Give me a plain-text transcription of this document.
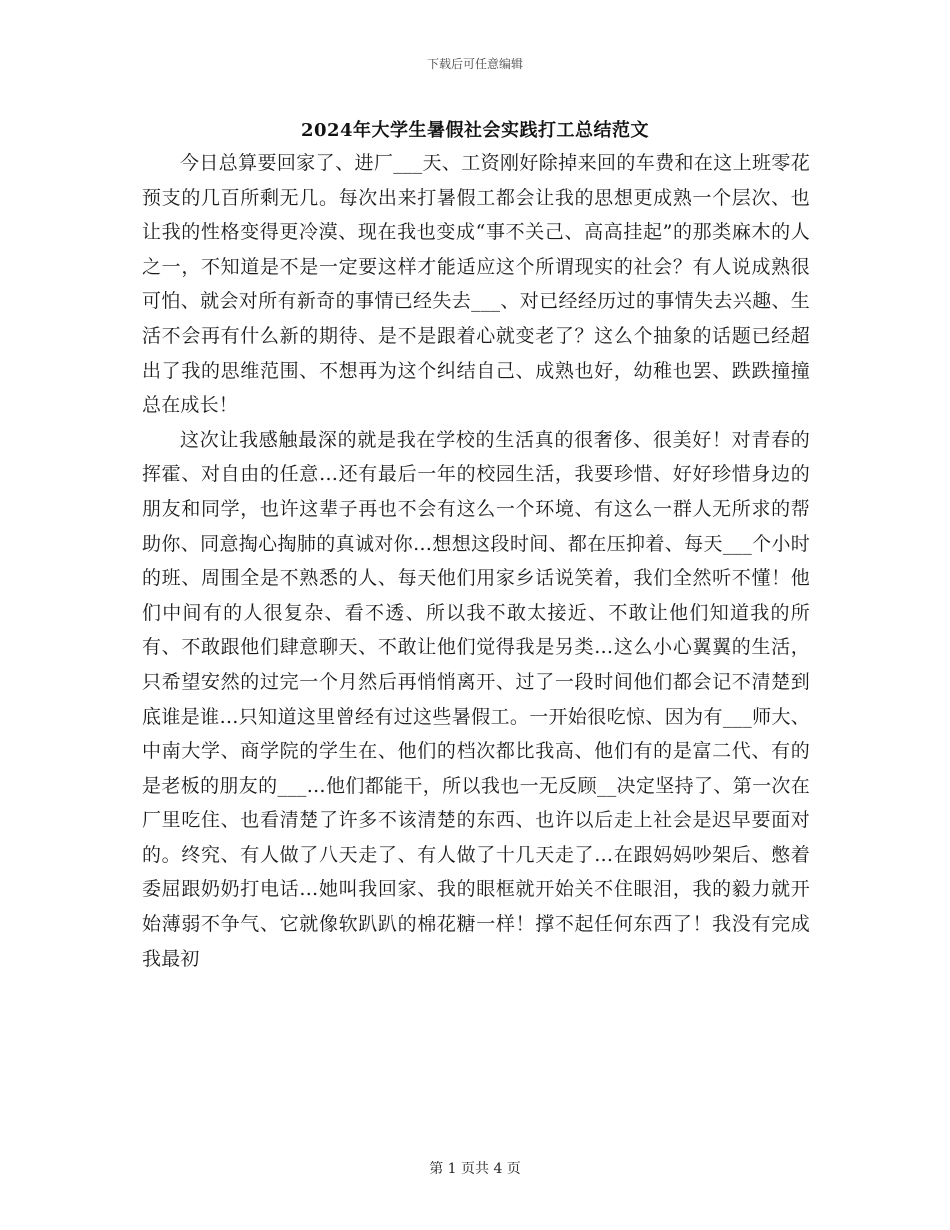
下载后可任意编辑
2024年大学生暑假社会实践打工总结范文

今日总算要回家了、进厂___天、工资刚好除掉来回的车费和在这上班零花预支的几百所剩无几。每次出来打暑假工都会让我的思想更成熟一个层次、也让我的性格变得更冷漠、现在我也变成“事不关己、高高挂起”的那类麻木的人之一，不知道是不是一定要这样才能适应这个所谓现实的社会？有人说成熟很可怕、就会对所有新奇的事情已经失去___、对已经经历过的事情失去兴趣、生活不会再有什么新的期待、是不是跟着心就变老了？这么个抽象的话题已经超出了我的思维范围、不想再为这个纠结自己、成熟也好，幼稚也罢、跌跌撞撞总在成长！

这次让我感触最深的就是我在学校的生活真的很奢侈、很美好！对青春的挥霍、对自由的任意…还有最后一年的校园生活，我要珍惜、好好珍惜身边的朋友和同学，也许这辈子再也不会有这么一个环境、有这么一群人无所求的帮助你、同意掏心掏肺的真诚对你…想想这段时间、都在压抑着、每天___个小时的班、周围全是不熟悉的人、每天他们用家乡话说笑着，我们全然听不懂！他们中间有的人很复杂、看不透、所以我不敢太接近、不敢让他们知道我的所有、不敢跟他们肆意聊天、不敢让他们觉得我是另类…这么小心翼翼的生活，只希望安然的过完一个月然后再悄悄离开、过了一段时间他们都会记不清楚到底谁是谁…只知道这里曾经有过这些暑假工。一开始很吃惊、因为有___师大、中南大学、商学院的学生在、他们的档次都比我高、他们有的是富二代、有的是老板的朋友的___…他们都能干，所以我也一无反顾__决定坚持了、第一次在厂里吃住、也看清楚了许多不该清楚的东西、也许以后走上社会是迟早要面对的。终究、有人做了八天走了、有人做了十几天走了…在跟妈妈吵架后、憋着委屈跟奶奶打电话…她叫我回家、我的眼框就开始关不住眼泪，我的毅力就开始薄弱不争气、它就像软趴趴的棉花糖一样！撑不起任何东西了！我没有完成我最初

第 1 页共 4 页
